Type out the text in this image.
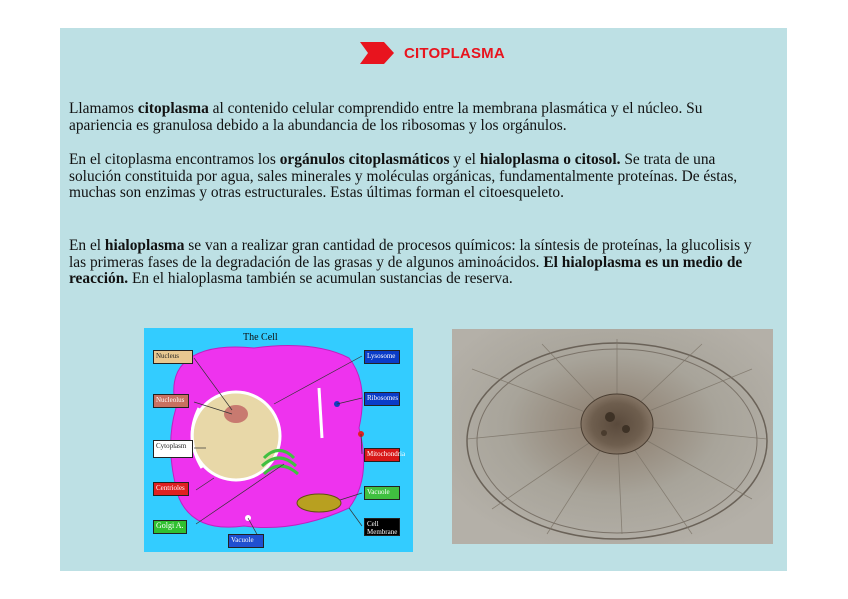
CITOPLASMA
Llamamos citoplasma al contenido celular comprendido entre la membrana plasmática y el núcleo. Su apariencia es granulosa debido a la abundancia de los ribosomas y los orgánulos.
En el citoplasma encontramos los orgánulos citoplasmáticos y el hialoplasma o citosol. Se trata de una solución constituida por agua, sales minerales y moléculas orgánicas, fundamentalmente proteínas. De éstas, muchas son enzimas y otras estructurales. Estas últimas forman el citoesqueleto.
En el hialoplasma se van a realizar gran cantidad de procesos químicos: la síntesis de proteínas, la glucolisis y las primeras fases de la degradación de las grasas y de algunos aminoácidos. El hialoplasma es un medio de reacción. En el hialoplasma también se acumulan sustancias de reserva.
The Cell
Nucleus
Nucleolus
Cytoplasm
Centrioles
Golgi A.
Lysosome
Ribosomes
Mitochondria
Vacuole
Cell Membrane
Vacuole
